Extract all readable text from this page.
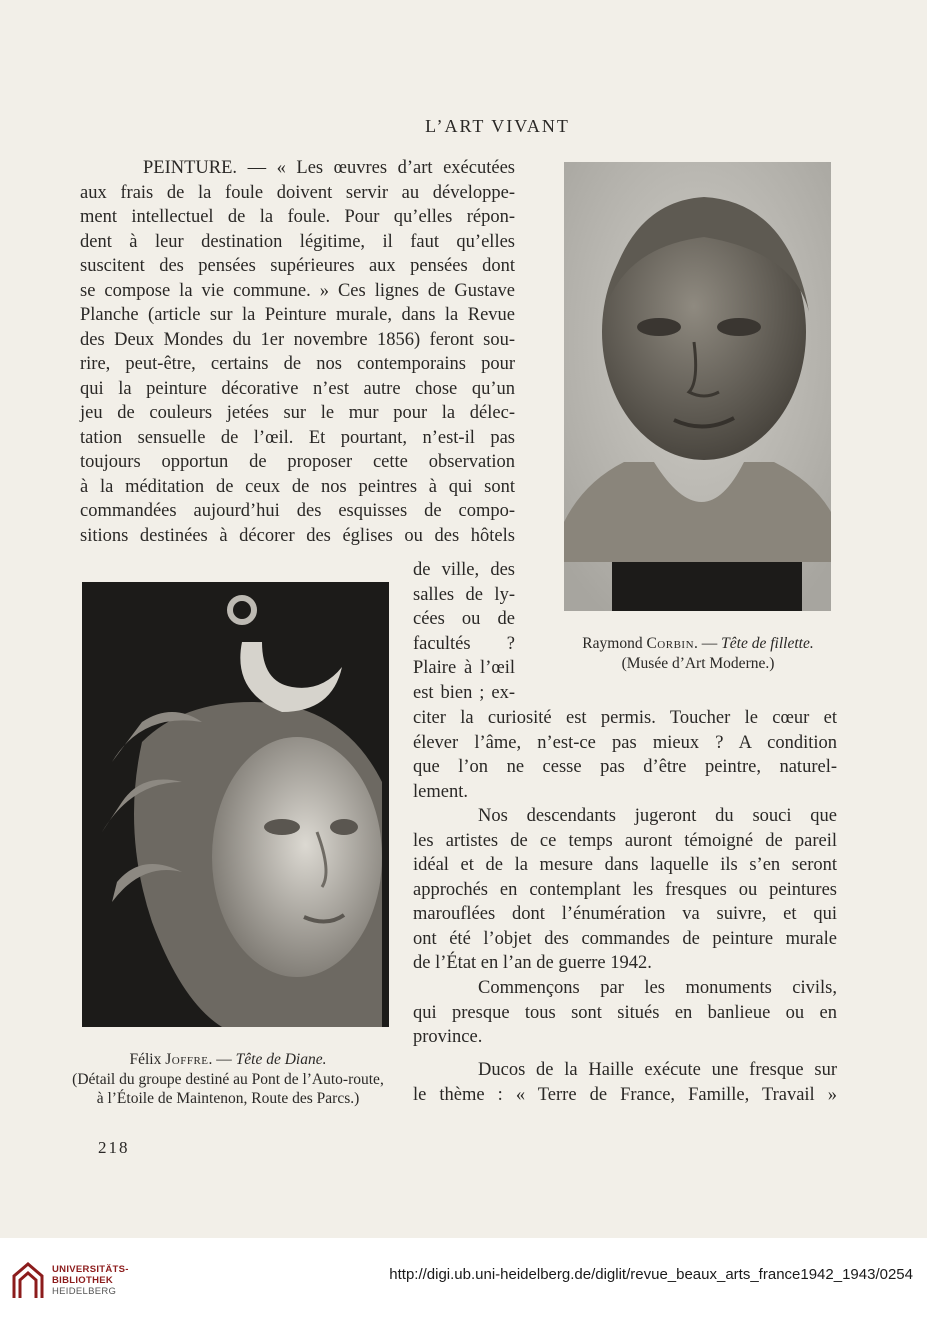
L’ART VIVANT
PEINTURE. — « Les œuvres d’art exécutées
aux frais de la foule doivent servir au développe-
ment intellectuel de la foule. Pour qu’elles répon-
dent à leur destination légitime, il faut qu’elles
suscitent des pensées supérieures aux pensées dont
se compose la vie commune. » Ces lignes de Gustave
Planche (article sur la Peinture murale, dans la Revue
des Deux Mondes du 1er novembre 1856) feront sou-
rire, peut-être, certains de nos contemporains pour
qui la peinture décorative n’est autre chose qu’un
jeu de couleurs jetées sur le mur pour la délec-
tation sensuelle de l’œil. Et pourtant, n’est-il pas
toujours opportun de proposer cette observation
à la méditation de ceux de nos peintres à qui sont
commandées aujourd’hui des esquisses de compo-
sitions destinées à décorer des églises ou des hôtels
de ville, des
salles de ly-
cées ou de
facultés ?
Plaire à l’œil
est bien ; ex-
citer la curiosité est permis. Toucher le cœur et
élever l’âme, n’est-ce pas mieux ? A condition
que l’on ne cesse pas d’être peintre, naturel-
lement.
Nos descendants jugeront du souci que
les artistes de ce temps auront témoigné de pareil
idéal et de la mesure dans laquelle ils s’en seront
approchés en contemplant les fresques ou peintures
marouflées dont l’énumération va suivre, et qui
ont été l’objet des commandes de peinture murale
de l’État en l’an de guerre 1942.
Commençons par les monuments civils,
qui presque tous sont situés en banlieue ou en
province.
Ducos de la Haille exécute une fresque sur
le thème : « Terre de France, Famille, Travail »
Raymond Corbin. — Tête de fillette.
(Musée d’Art Moderne.)
Félix Joffre. — Tête de Diane.
(Détail du groupe destiné au Pont de l’Auto-route,
à l’Étoile de Maintenon, Route des Parcs.)
218
UNIVERSITÄTS-
BIBLIOTHEK
HEIDELBERG
http://digi.ub.uni-heidelberg.de/diglit/revue_beaux_arts_france1942_1943/0254
